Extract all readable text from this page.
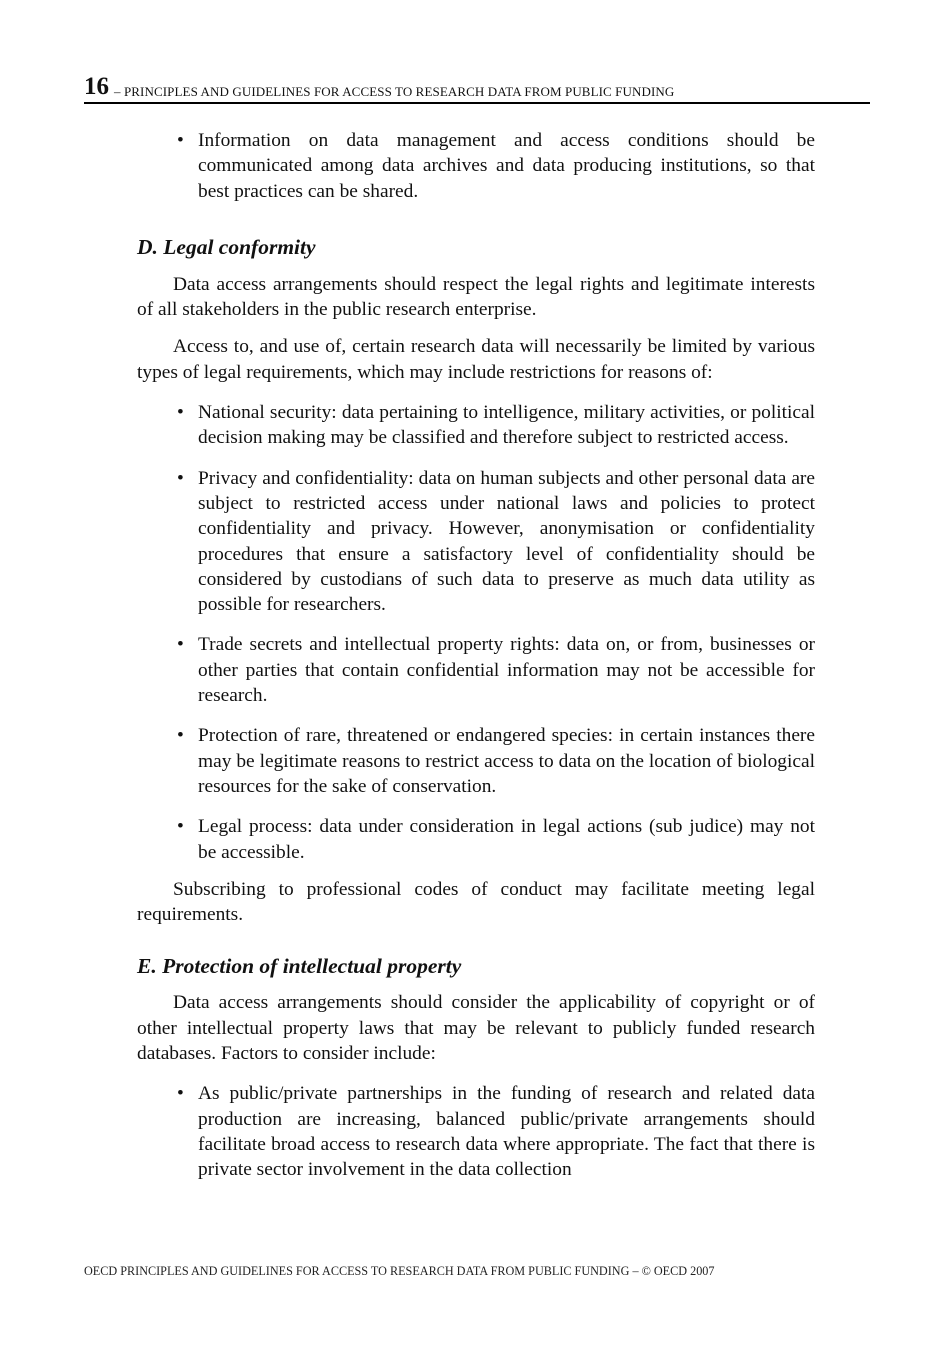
16 – PRINCIPLES AND GUIDELINES FOR ACCESS TO RESEARCH DATA FROM PUBLIC FUNDING
• Information on data management and access conditions should be communicated among data archives and data producing institutions, so that best practices can be shared.
D. Legal conformity

Data access arrangements should respect the legal rights and legitimate interests of all stakeholders in the public research enterprise.

Access to, and use of, certain research data will necessarily be limited by various types of legal requirements, which may include restrictions for reasons of:

• National security: data pertaining to intelligence, military activities, or political decision making may be classified and therefore subject to restricted access.
• Privacy and confidentiality: data on human subjects and other personal data are subject to restricted access under national laws and policies to protect confidentiality and privacy. However, anonymisation or confidentiality procedures that ensure a satisfactory level of confidentiality should be considered by custodians of such data to preserve as much data utility as possible for researchers.
• Trade secrets and intellectual property rights: data on, or from, businesses or other parties that contain confidential information may not be accessible for research.
• Protection of rare, threatened or endangered species: in certain instances there may be legitimate reasons to restrict access to data on the location of biological resources for the sake of conservation.
• Legal process: data under consideration in legal actions (sub judice) may not be accessible.

Subscribing to professional codes of conduct may facilitate meeting legal requirements.

E. Protection of intellectual property

Data access arrangements should consider the applicability of copyright or of other intellectual property laws that may be relevant to publicly funded research databases. Factors to consider include:

• As public/private partnerships in the funding of research and related data production are increasing, balanced public/private arrangements should facilitate broad access to research data where appropriate. The fact that there is private sector involvement in the data collection
OECD PRINCIPLES AND GUIDELINES FOR ACCESS TO RESEARCH DATA FROM PUBLIC FUNDING – © OECD 2007
